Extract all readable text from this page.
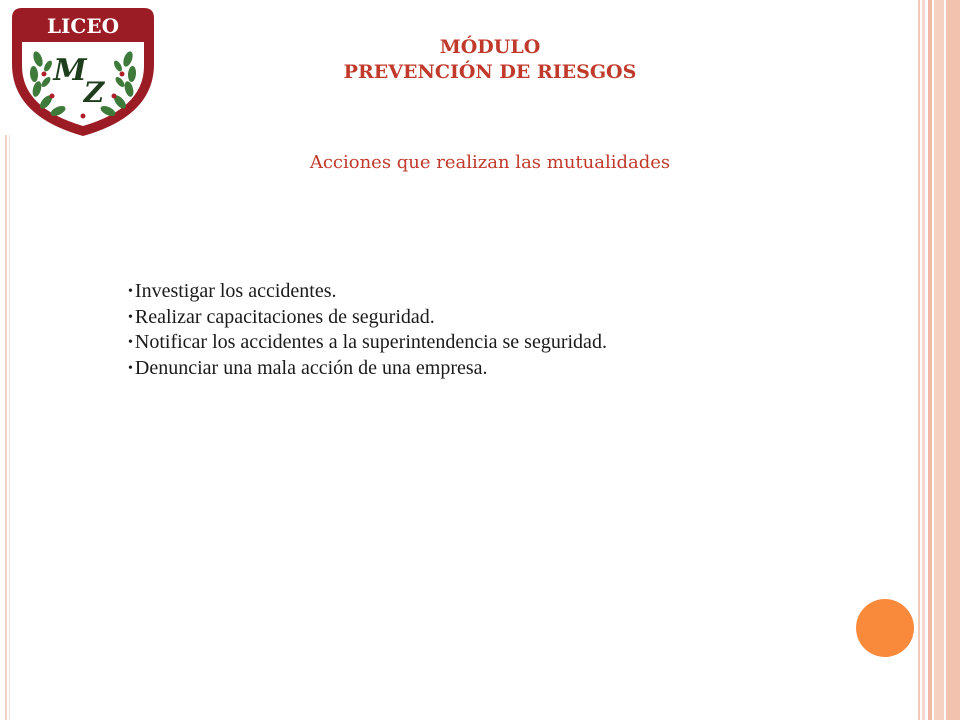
LICEO
M
Z
MÓDULO
PREVENCIÓN DE RIESGOS
Acciones que realizan las mutualidades
• Investigar los accidentes.
• Realizar capacitaciones de seguridad.
• Notificar los accidentes a la superintendencia se seguridad.
• Denunciar una mala acción de una empresa.
